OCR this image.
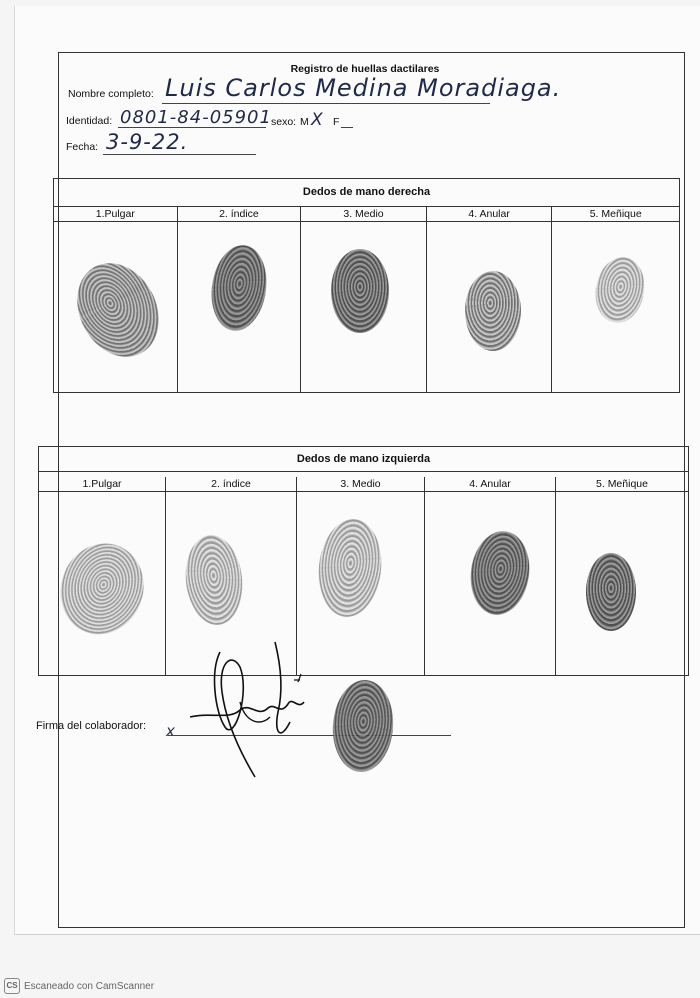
Registro de huellas dactilares
Nombre completo: Luis Carlos Medina Moradiaga.
Identidad: 0801-84-05901 sexo: M X F
Fecha: 3-9-22.
Dedos de mano derecha
1.Pulgar	2. índice	3. Medio	4. Anular	5. Meñique
Dedos de mano izquierda
1.Pulgar	2. índice	3. Medio	4. Anular	5. Meñique
Firma del colaborador: x
CS Escaneado con CamScanner
